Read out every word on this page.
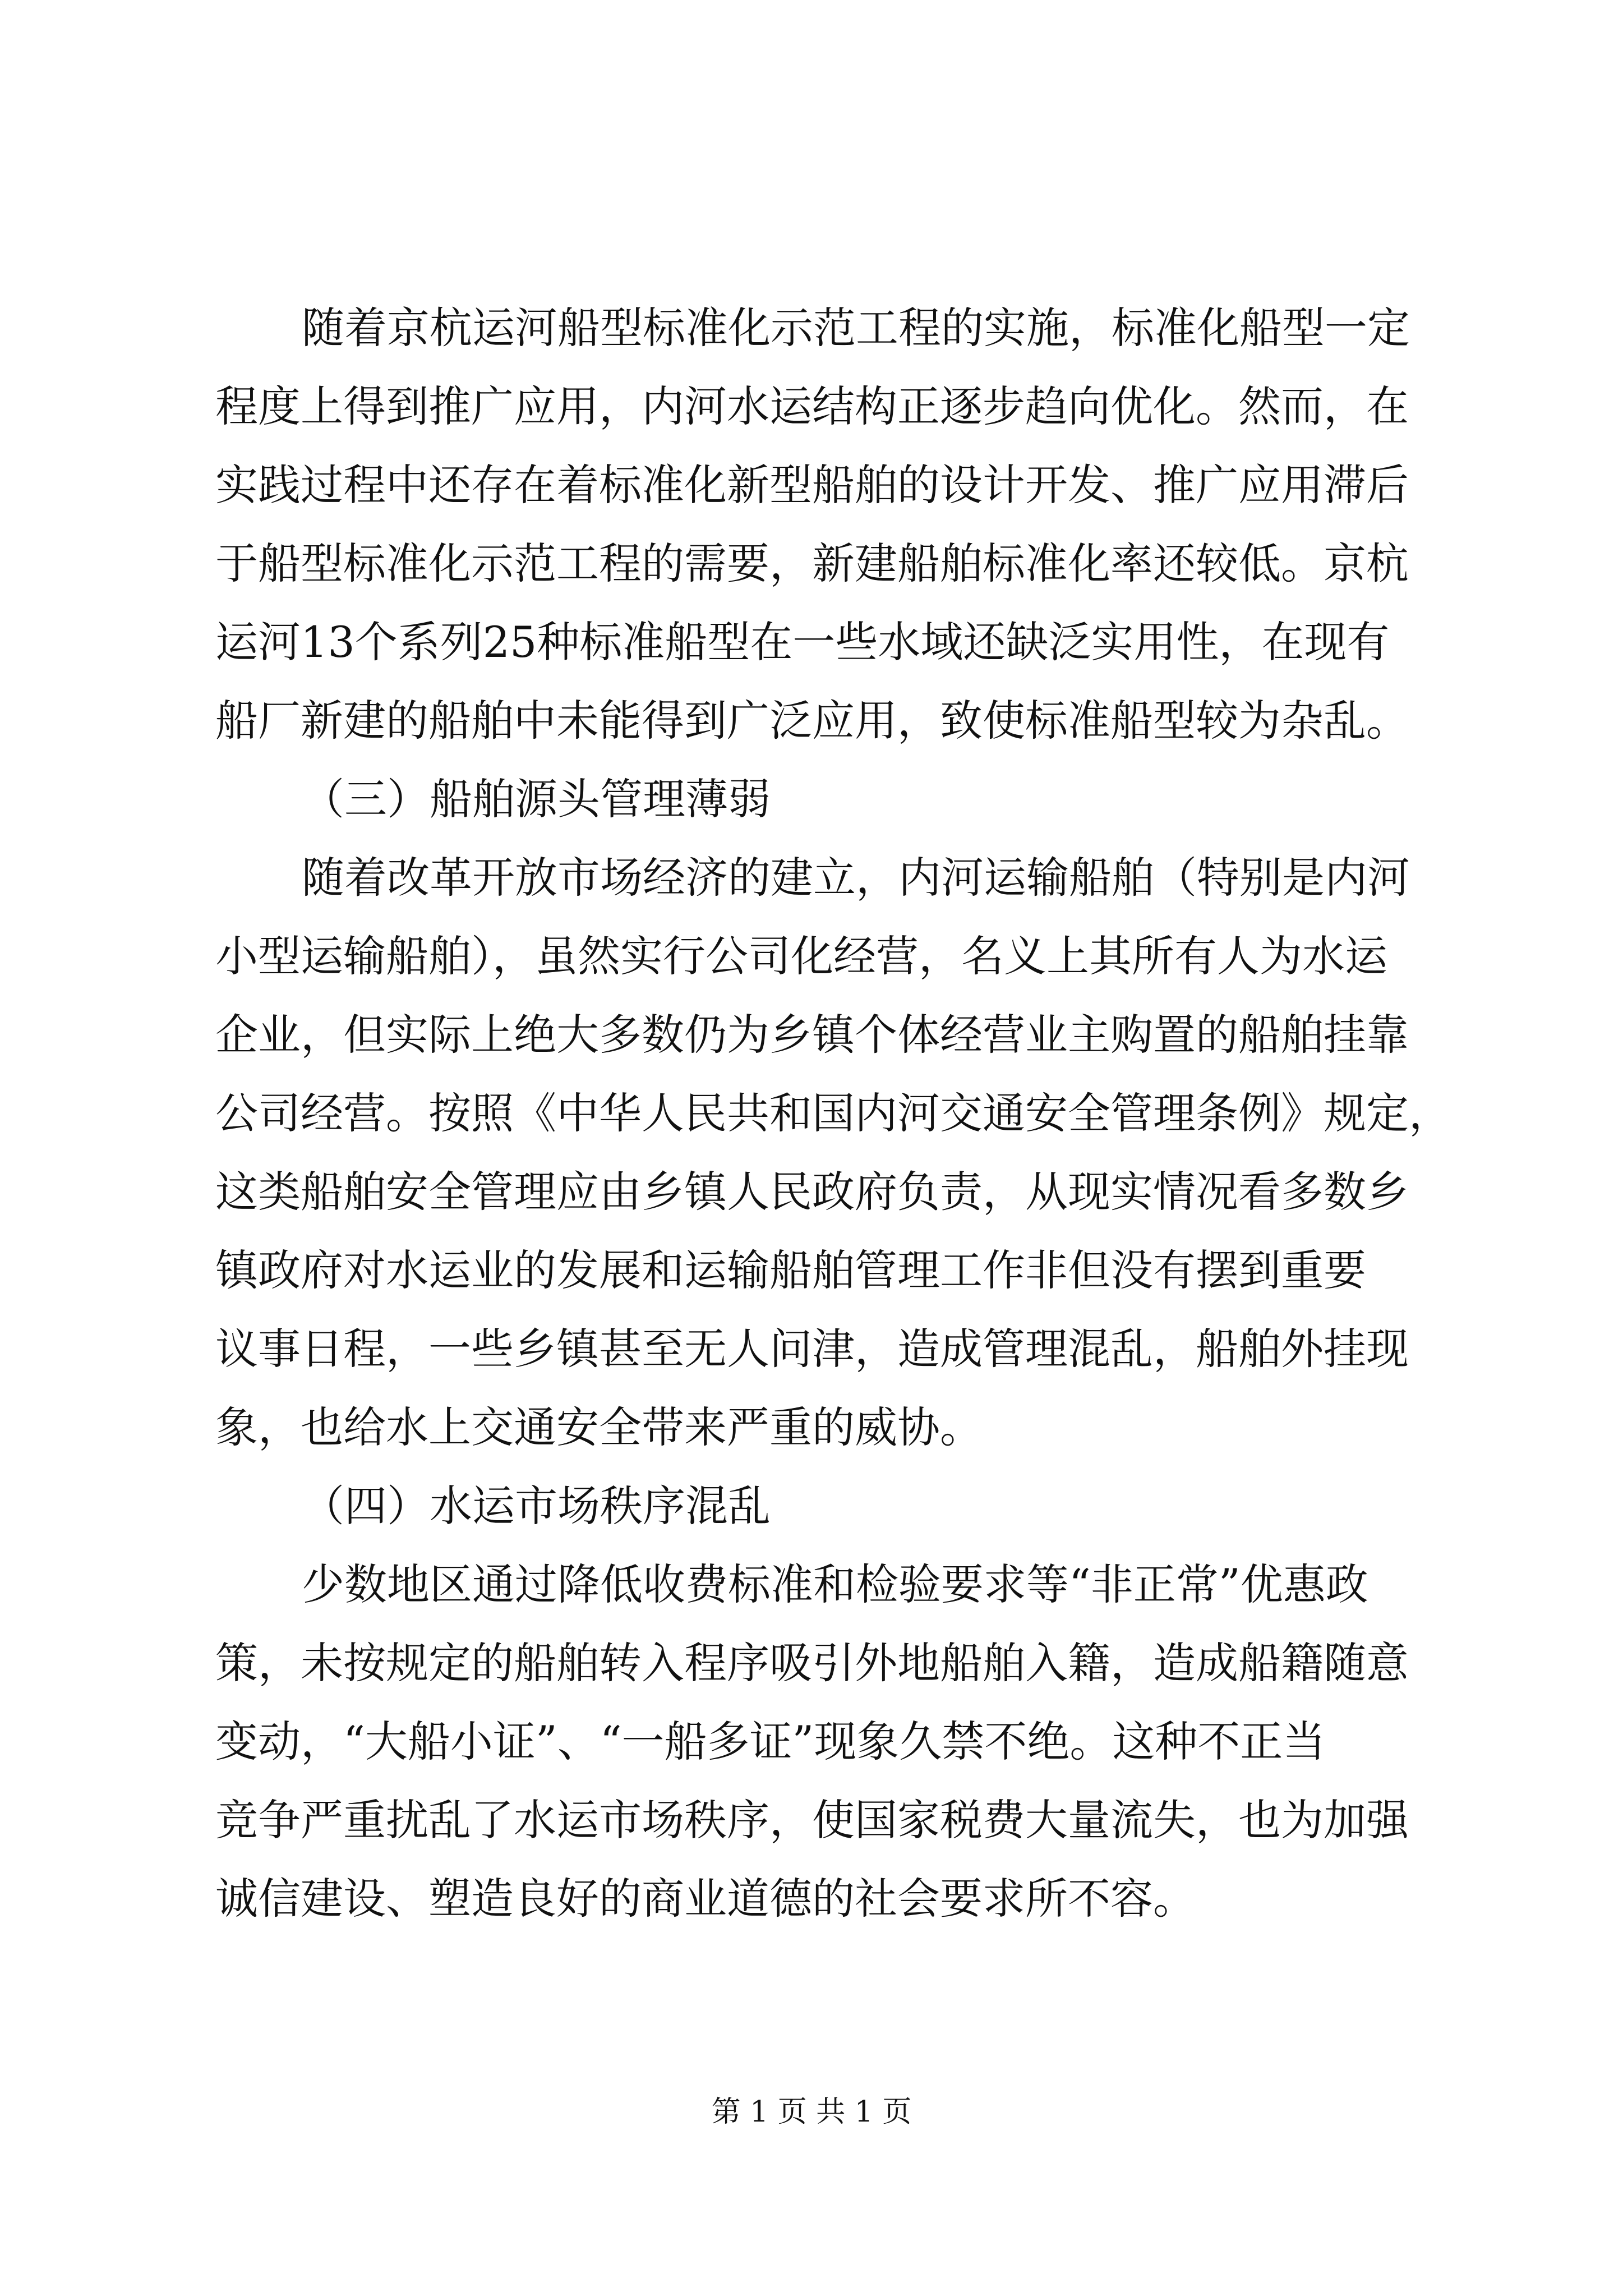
随着京杭运河船型标准化示范工程的实施，标准化船型一定
程度上得到推广应用，内河水运结构正逐步趋向优化。然而，在
实践过程中还存在着标准化新型船舶的设计开发、推广应用滞后
于船型标准化示范工程的需要，新建船舶标准化率还较低。京杭
运河13个系列25种标准船型在一些水域还缺泛实用性，在现有
船厂新建的船舶中未能得到广泛应用，致使标准船型较为杂乱。
（三）船舶源头管理薄弱
随着改革开放市场经济的建立，内河运输船舶（特别是内河
小型运输船舶），虽然实行公司化经营，名义上其所有人为水运
企业，但实际上绝大多数仍为乡镇个体经营业主购置的船舶挂靠
公司经营。按照《中华人民共和国内河交通安全管理条例》规定，
这类船舶安全管理应由乡镇人民政府负责，从现实情况看多数乡
镇政府对水运业的发展和运输船舶管理工作非但没有摆到重要
议事日程，一些乡镇甚至无人问津，造成管理混乱，船舶外挂现
象，也给水上交通安全带来严重的威协。
（四）水运市场秩序混乱
少数地区通过降低收费标准和检验要求等“非正常”优惠政
策，未按规定的船舶转入程序吸引外地船舶入籍，造成船籍随意
变动，“大船小证”、“一船多证”现象久禁不绝。这种不正当
竞争严重扰乱了水运市场秩序，使国家税费大量流失，也为加强
诚信建设、塑造良好的商业道德的社会要求所不容。
第 1 页 共 1 页
